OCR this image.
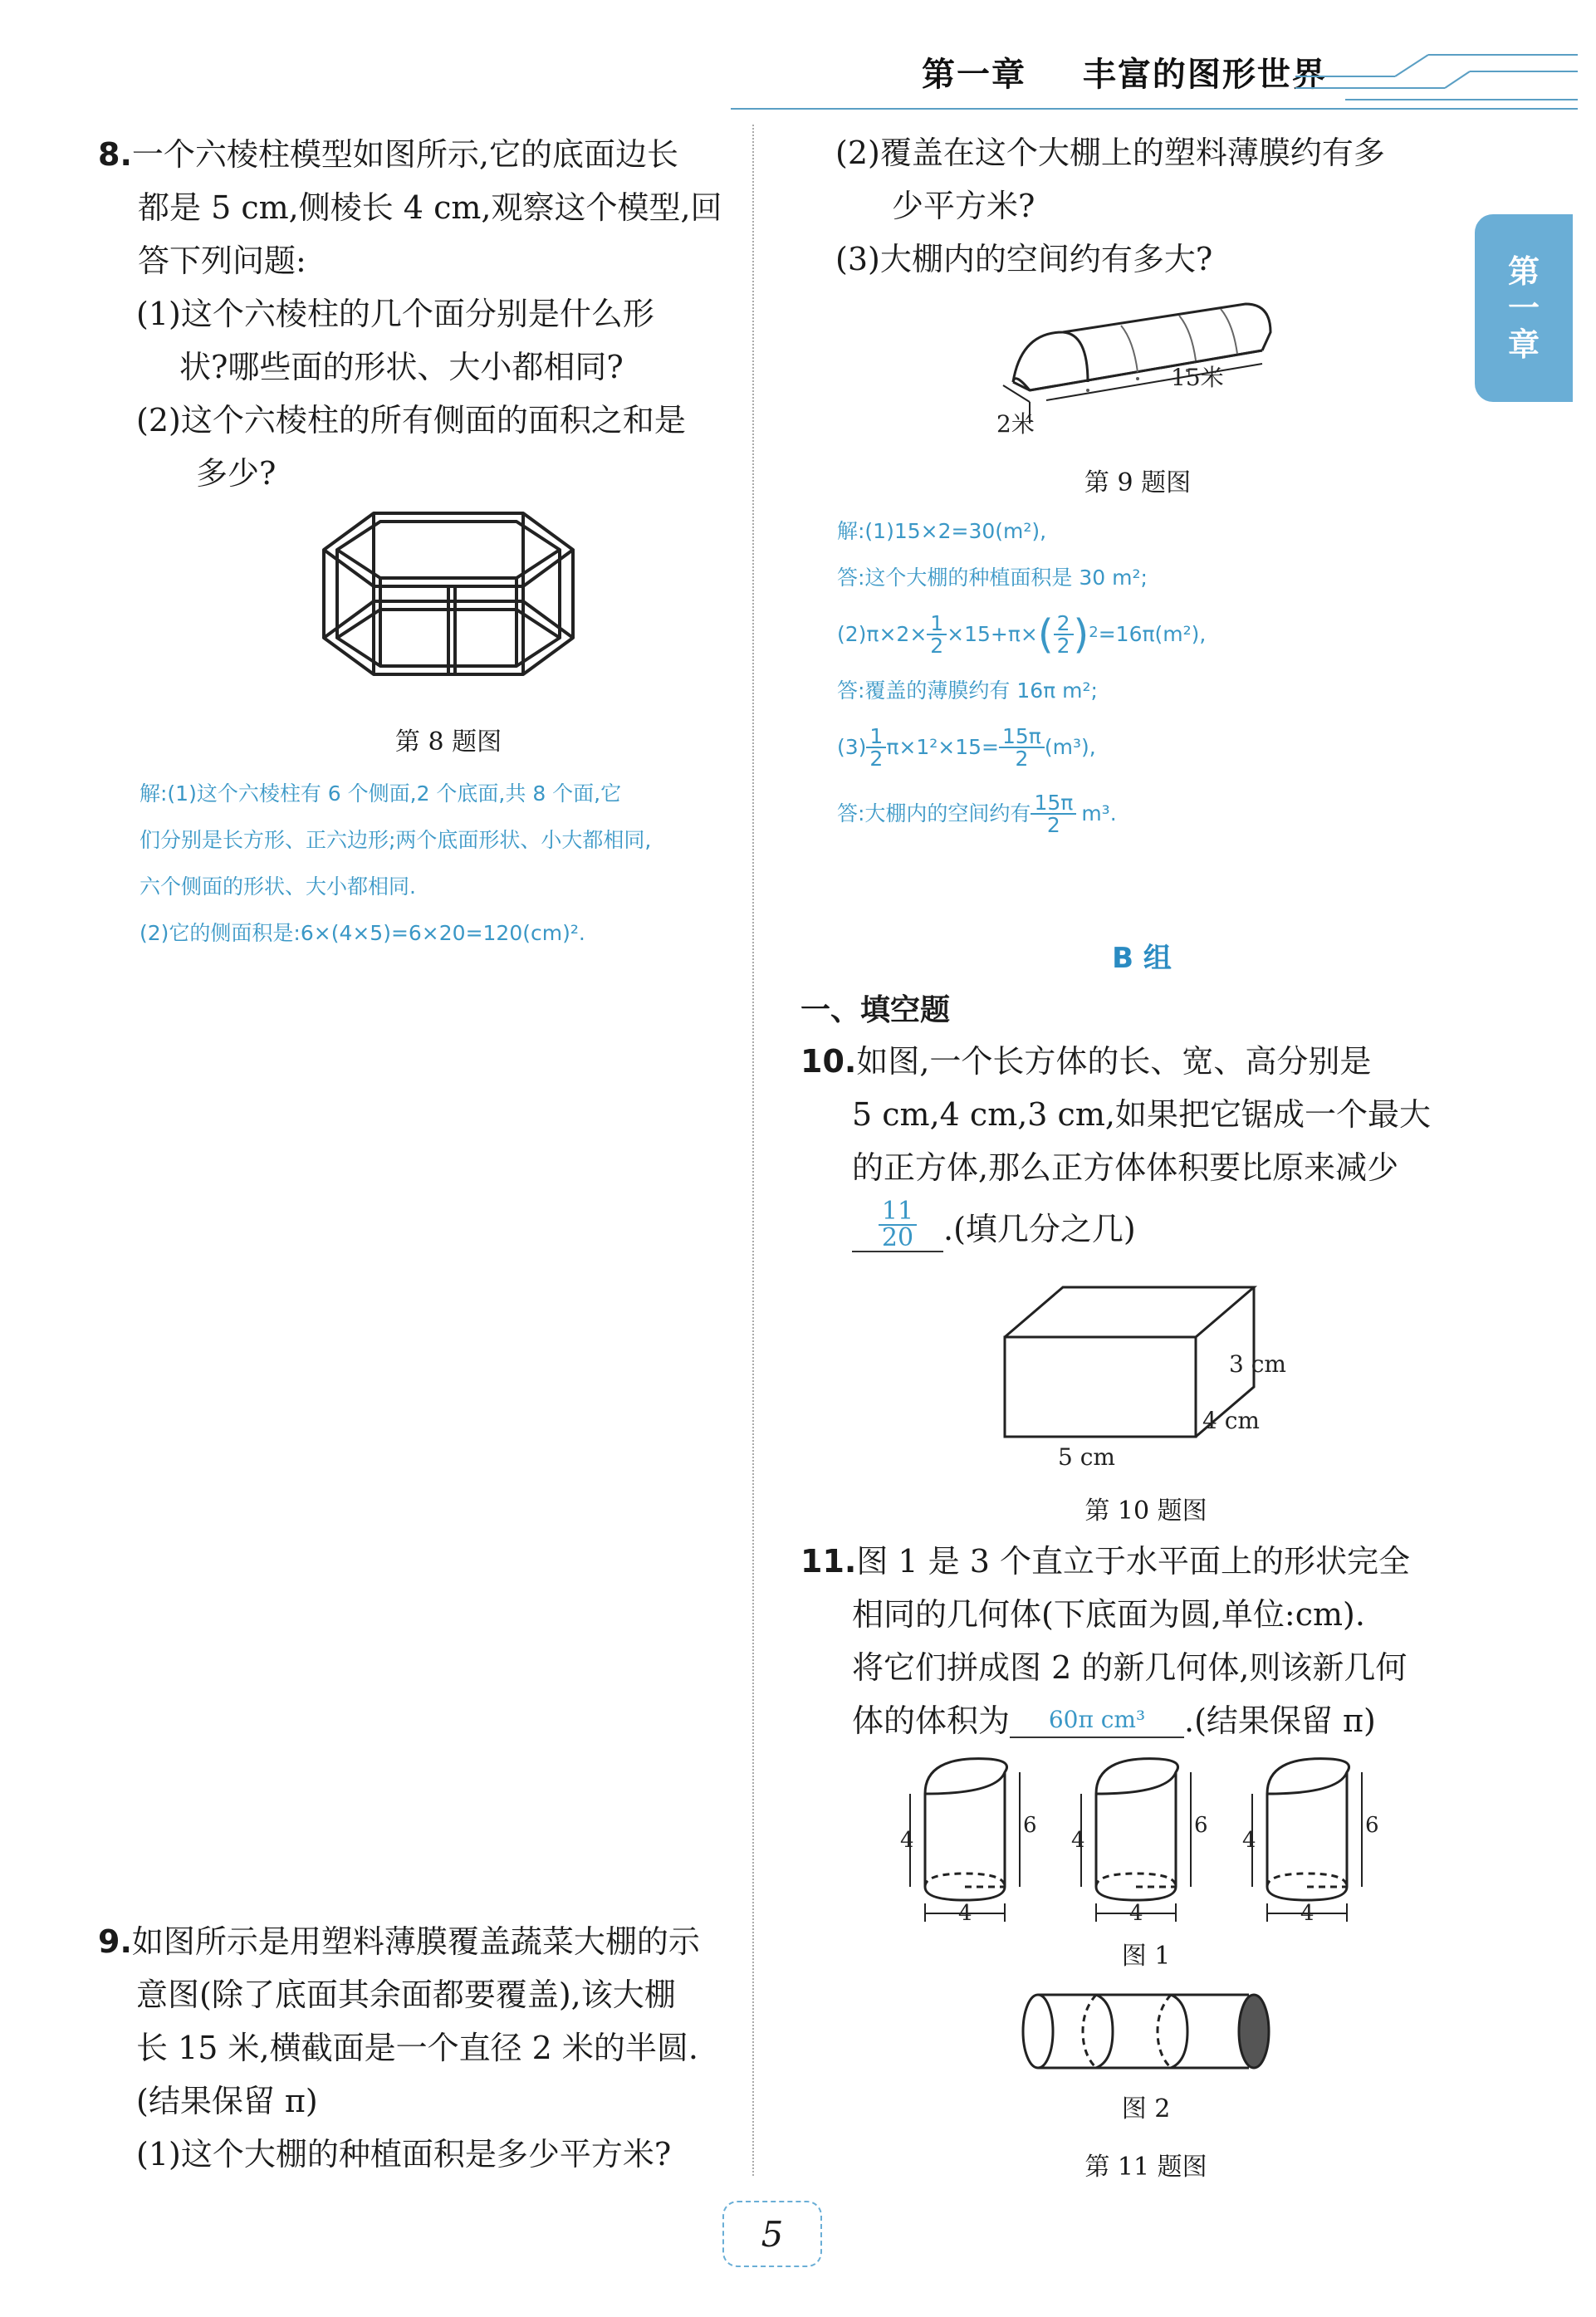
第一章 丰富的图形世界
第
一
章
8.一个六棱柱模型如图所示,它的底面边长
都是 5 cm,侧棱长 4 cm,观察这个模型,回
答下列问题:
(1)这个六棱柱的几个面分别是什么形
状?哪些面的形状、大小都相同?
(2)这个六棱柱的所有侧面的面积之和是
多少?
第 8 题图
解:(1)这个六棱柱有 6 个侧面,2 个底面,共 8 个面,它
们分别是长方形、正六边形;两个底面形状、小大都相同,
六个侧面的形状、大小都相同.
(2)它的侧面积是:6×(4×5)=6×20=120(cm)².
9.如图所示是用塑料薄膜覆盖蔬菜大棚的示
意图(除了底面其余面都要覆盖),该大棚
长 15 米,横截面是一个直径 2 米的半圆.
(结果保留 π)
(1)这个大棚的种植面积是多少平方米?
(2)覆盖在这个大棚上的塑料薄膜约有多
少平方米?
(3)大棚内的空间约有多大?
15米
2米
第 9 题图
解:(1)15×2=30(m²),
答:这个大棚的种植面积是 30 m²;
$(2)\pi\times 2\times \frac{1}{2} \times 15+\pi\times$ ( $\frac{2}{2}$ ) 2 =16π(m²),
答:覆盖的薄膜约有 16π m²;
$(3) \frac{1}{2} \pi\times 1^2\times 15= \frac{15\pi}{2} (m^3)$,
答:大棚内的空间约有 $\frac{15\pi}{2} m^3$.
B 组
一、填空题
10.如图,一个长方体的长、宽、高分别是
5 cm,4 cm,3 cm,如果把它锯成一个最大
的正方体,那么正方体体积要比原来减少
$\frac{11}{20}$ .(填几分之几)
3 cm
4 cm
5 cm
第 10 题图
11.图 1 是 3 个直立于水平面上的形状完全
相同的几何体(下底面为圆,单位:cm).
将它们拼成图 2 的新几何体,则该新几何
体的体积为	60π cm³	.(结果保留 π)
4
6
4
4
6
4
4
6
4
图 1
图 2
第 11 题图
5
